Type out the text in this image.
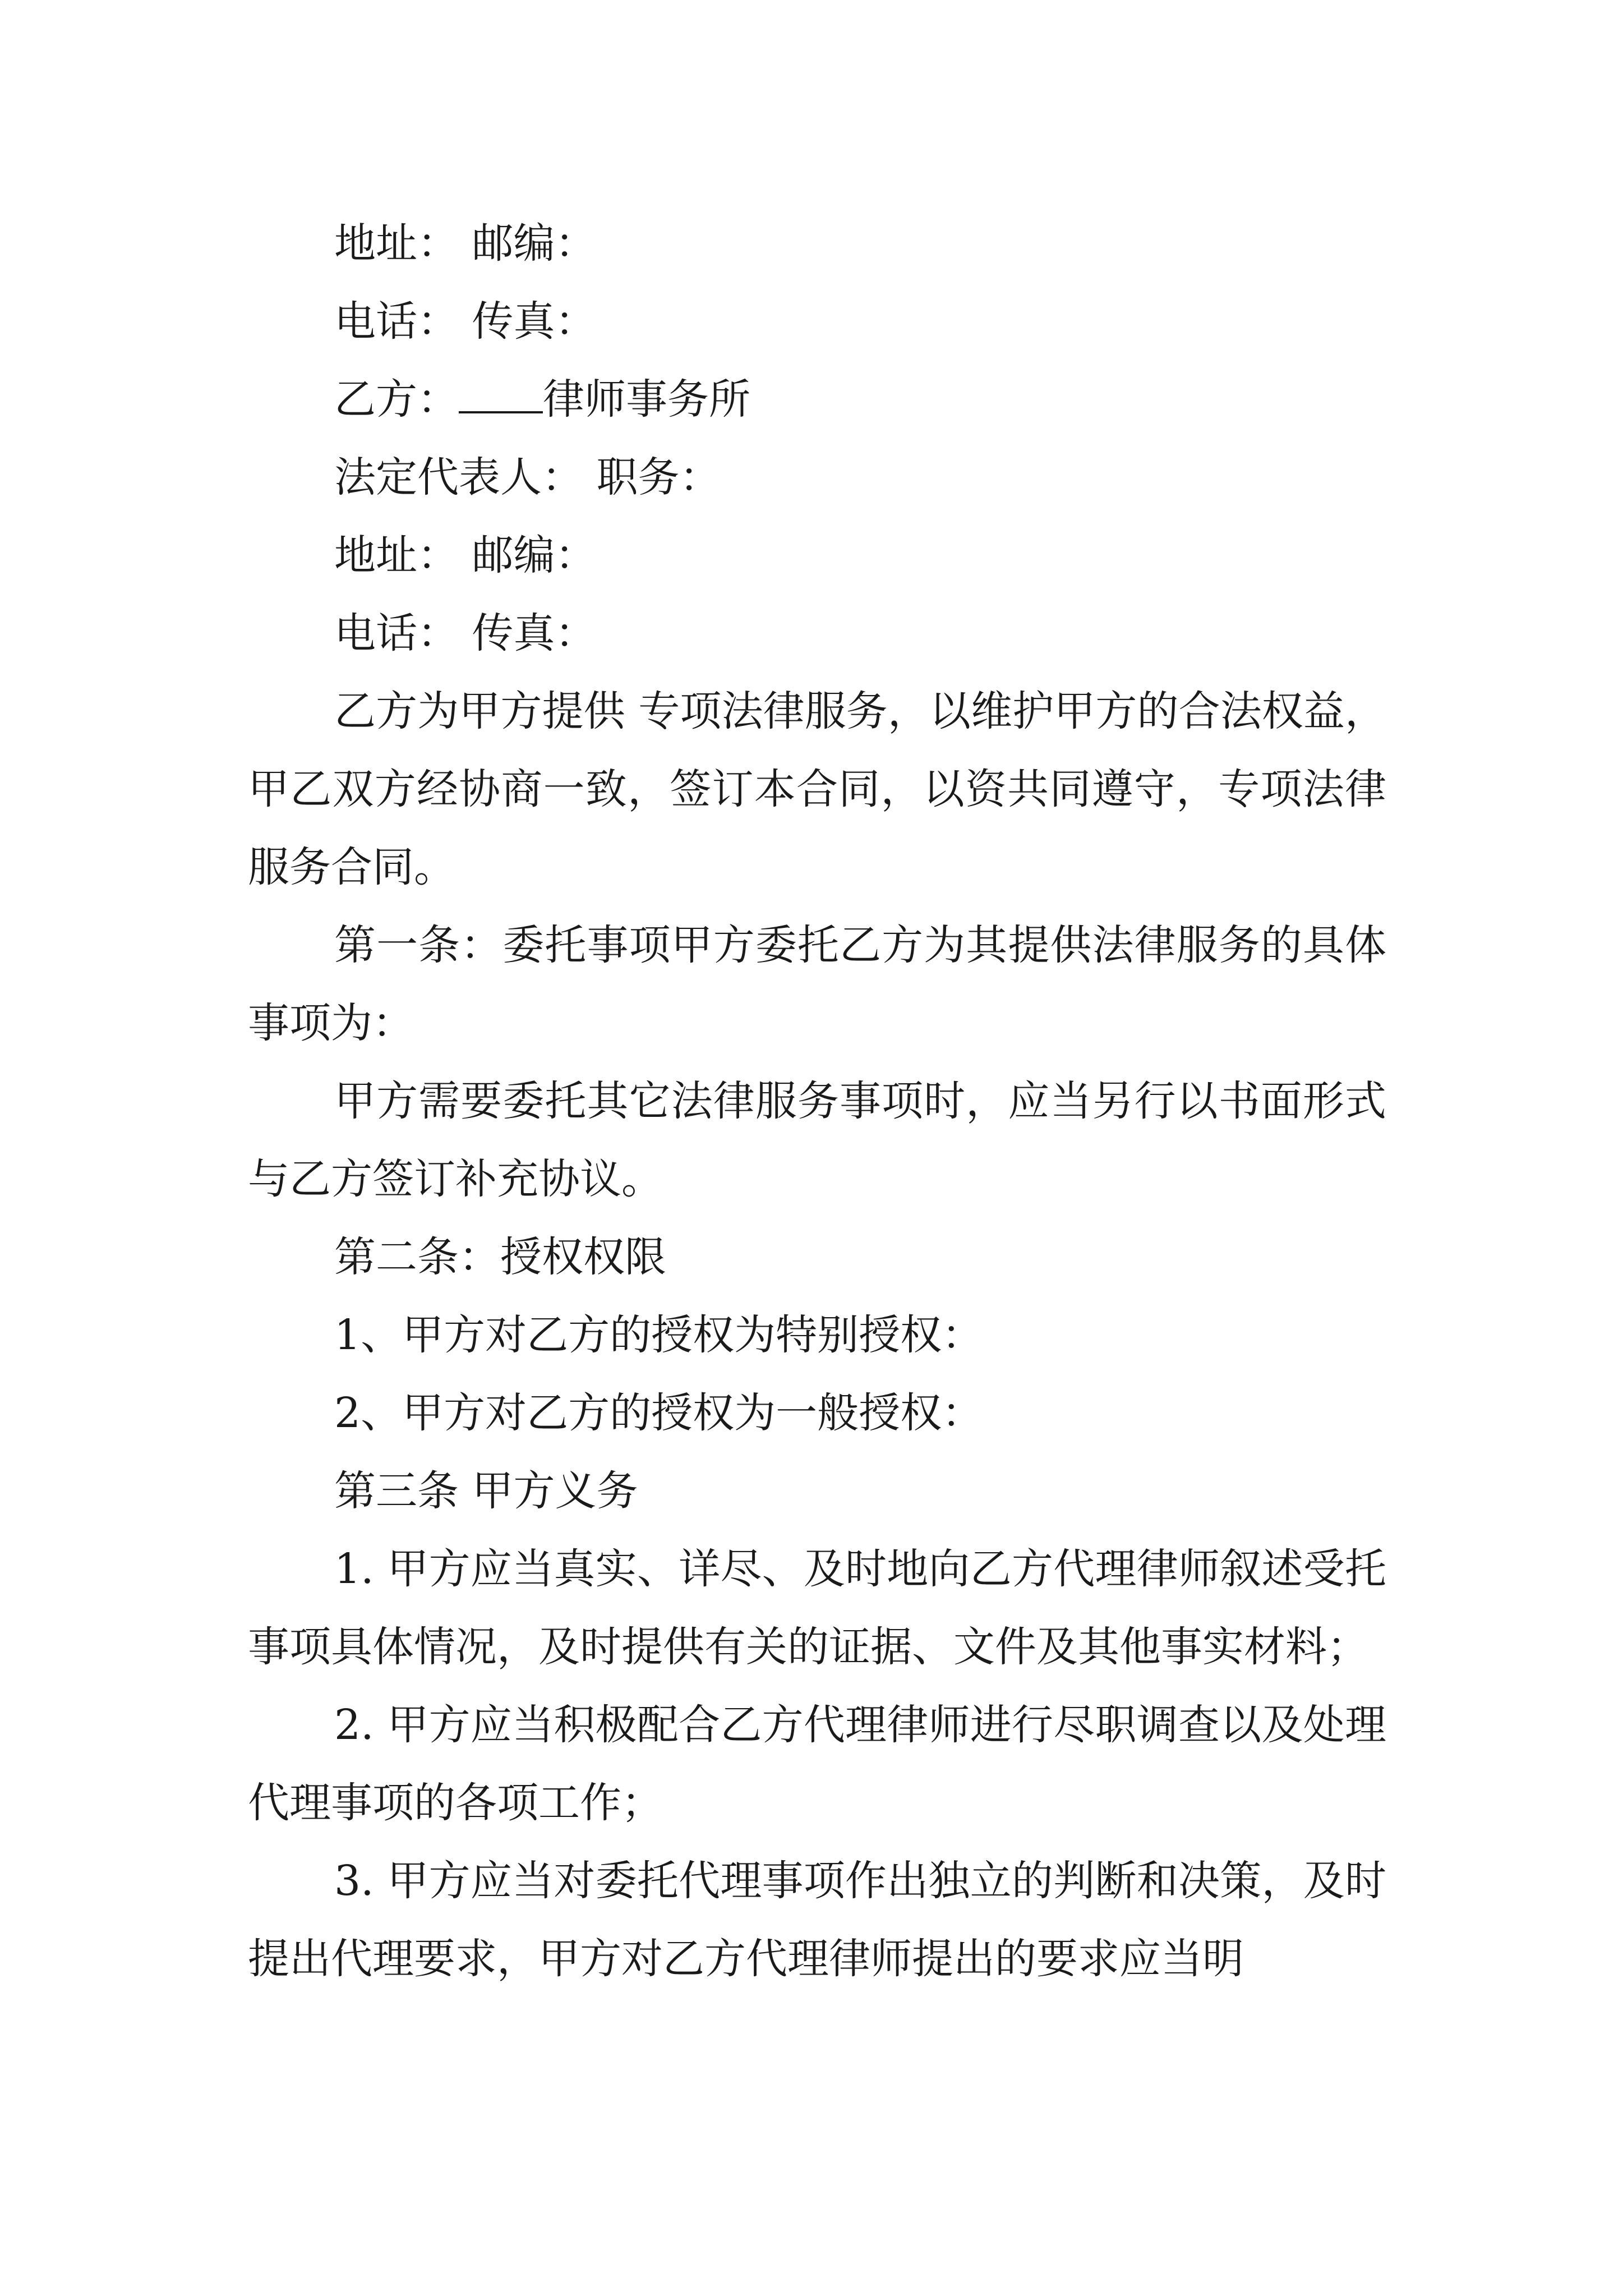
地址： 邮编：
电话： 传真：
乙方： 律师事务所
法定代表人： 职务：
地址： 邮编：
电话： 传真：

乙方为甲方提供 专项法律服务，以维护甲方的合法权益，甲乙双方经协商一致，签订本合同，以资共同遵守，专项法律服务合同。

第一条：委托事项甲方委托乙方为其提供法律服务的具体事项为：

甲方需要委托其它法律服务事项时，应当另行以书面形式与乙方签订补充协议。

第二条：授权权限

1、甲方对乙方的授权为特别授权：

2、甲方对乙方的授权为一般授权：

第三条 甲方义务

1. 甲方应当真实、详尽、及时地向乙方代理律师叙述受托事项具体情况，及时提供有关的证据、文件及其他事实材料；

2. 甲方应当积极配合乙方代理律师进行尽职调查以及处理代理事项的各项工作；

3. 甲方应当对委托代理事项作出独立的判断和决策，及时提出代理要求，甲方对乙方代理律师提出的要求应当明
